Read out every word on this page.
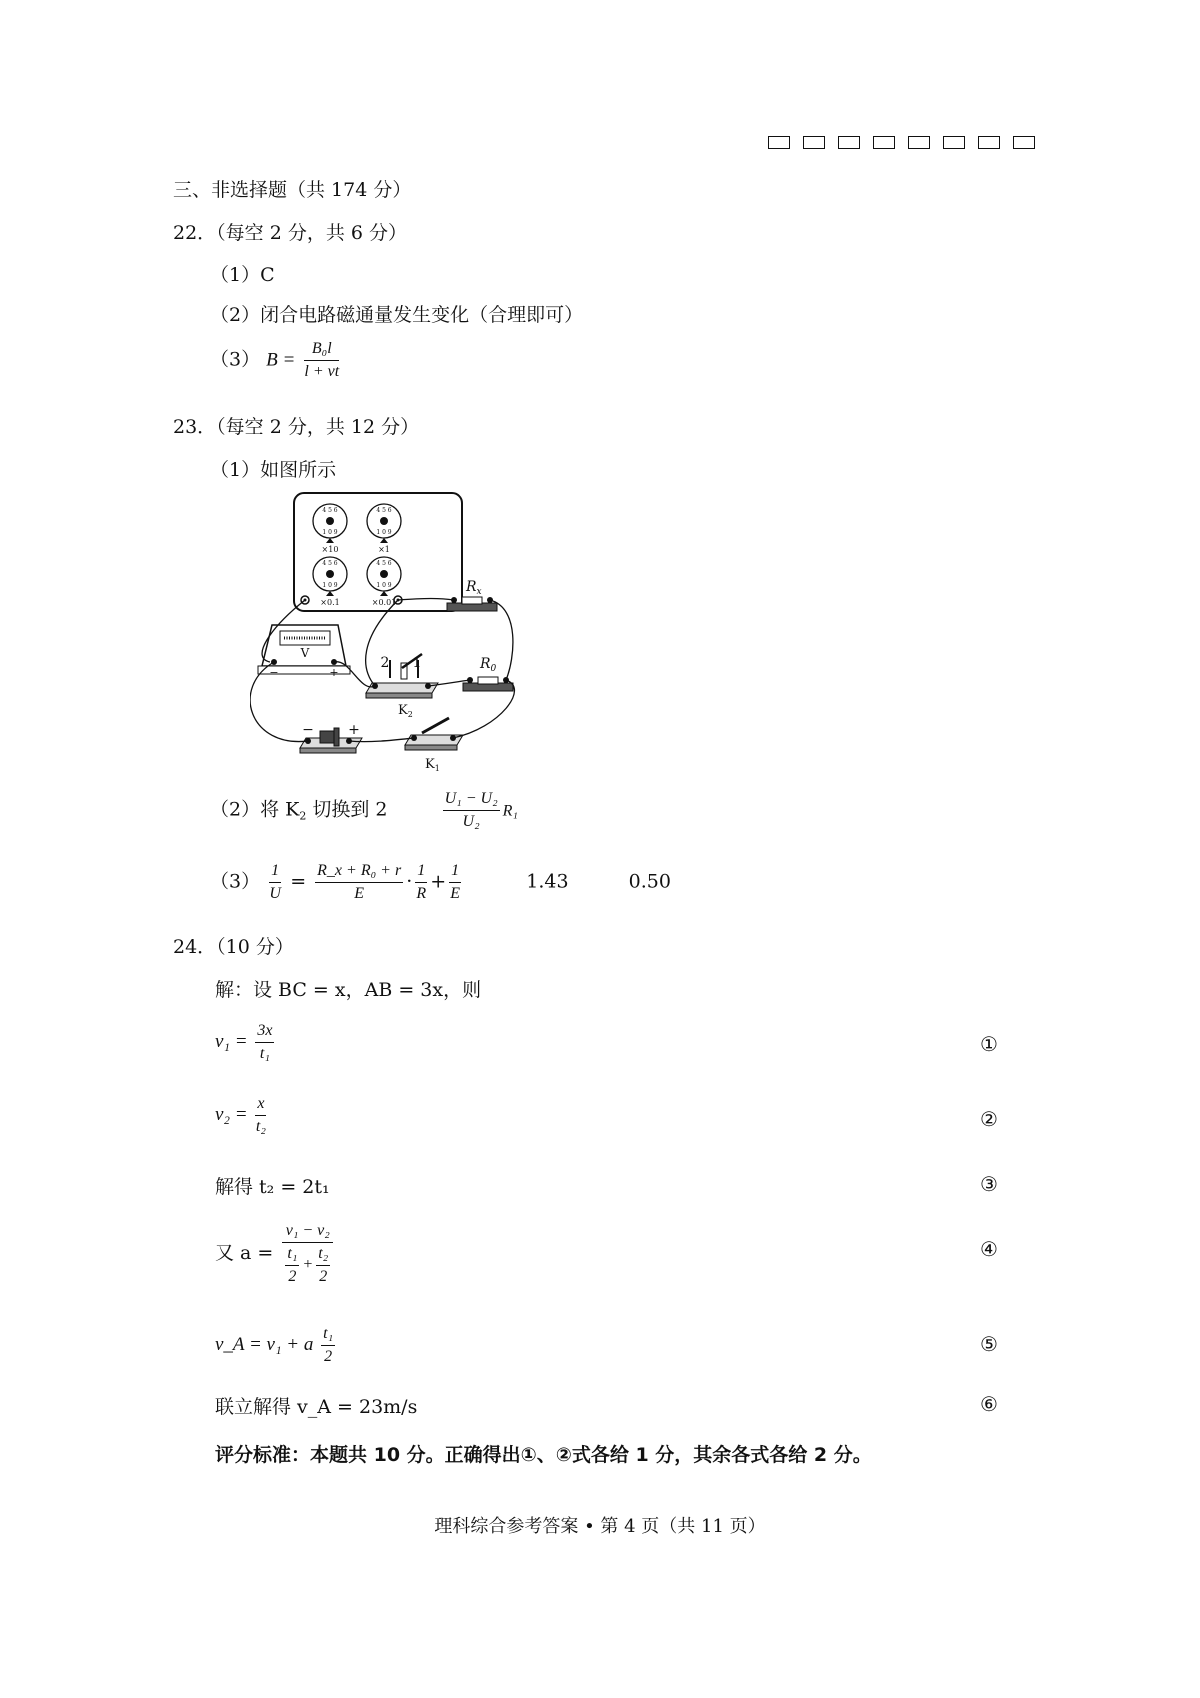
三、非选择题（共 174 分）
22．（每空 2 分，共 6 分）
（1）C
（2）闭合电路磁通量发生变化（合理即可）
（3） $B = \frac{\text{B₀l}}{l + vt}$
23．（每空 2 分，共 12 分）
（1）如图所示
4 5 6
1 0 9
4 5 6
1 0 9
4 5 6
1 0 9
4 5 6
1 0 9
×10	×1
×0.1	×0.01
$R_x$
$R_0$
V
−	+
2 1
$K_2$
− +
$K_1$
（2）将 $K_2$ 切换到 2	$\frac{\text{U₁ − U₂}}{\text{U₂}} R_1$
$(3) \frac{1}{U} = \frac{\text{R\_x + R₀ + r}}{E} \cdot \frac{1}{R} + \frac{1}{E}$	1.43	0.50
24．（10 分）
解：设 BC = x，AB = 3x，则
$v_1 = \frac{3x}{\text{t₁}}$	①
$v_2 = \frac{x}{\text{t₂}}$	②
解得 t₂ = 2t₁	③
又 $a = \frac{\text{v₁ − v₂}}{\frac{\text{t₁}}{2} + \frac{\text{t₂}}{2}}$	④
v_A = v₁ + a $\frac{\text{t₁}}{2}$	⑤
联立解得 v_A = 23m/s	⑥
评分标准：本题共 10 分。正确得出①、②式各给 1 分，其余各式各给 2 分。
理科综合参考答案 • 第 4 页（共 11 页）
